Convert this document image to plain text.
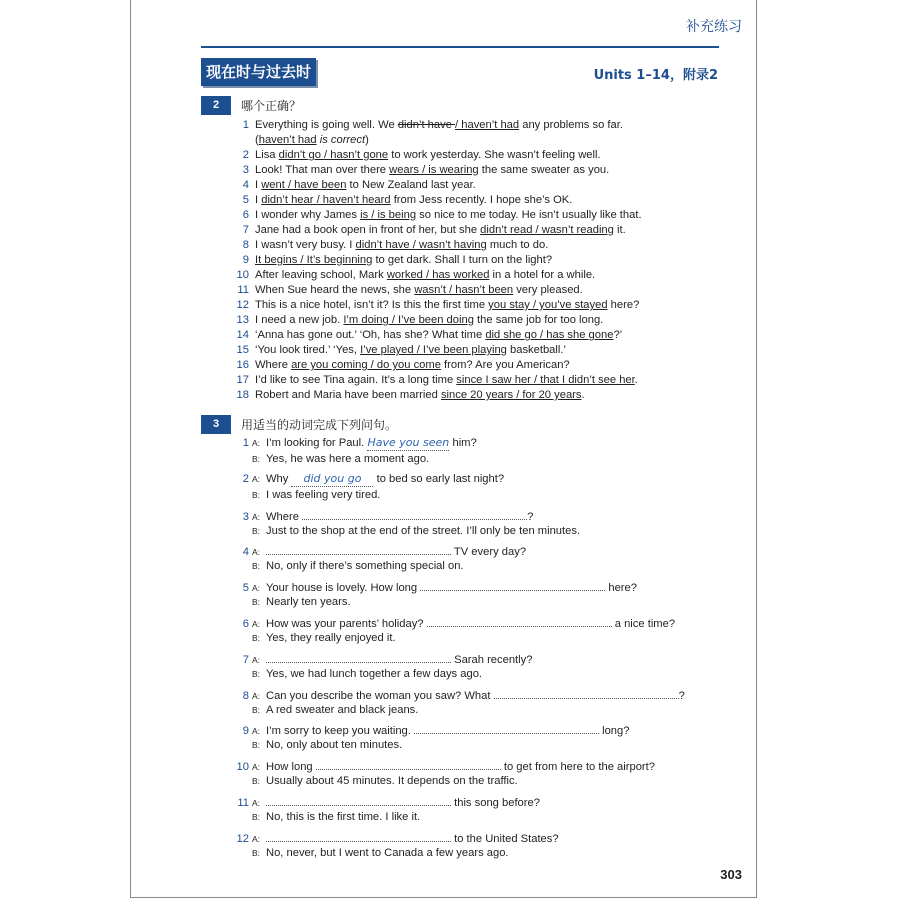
补充练习
现在时与过去时	Units 1–14，附录2
2	哪个正确？
1 Everything is going well. We didn’t have / haven’t had any problems so far.
(haven’t had is correct)
2 Lisa didn’t go / hasn’t gone to work yesterday. She wasn’t feeling well.
3 Look! That man over there wears / is wearing the same sweater as you.
4 I went / have been to New Zealand last year.
5 I didn’t hear / haven’t heard from Jess recently. I hope she’s OK.
6 I wonder why James is / is being so nice to me today. He isn’t usually like that.
7 Jane had a book open in front of her, but she didn’t read / wasn’t reading it.
8 I wasn’t very busy. I didn’t have / wasn’t having much to do.
9 It begins / It’s beginning to get dark. Shall I turn on the light?
10 After leaving school, Mark worked / has worked in a hotel for a while.
11 When Sue heard the news, she wasn’t / hasn’t been very pleased.
12 This is a nice hotel, isn’t it? Is this the first time you stay / you’ve stayed here?
13 I need a new job. I’m doing / I’ve been doing the same job for too long.
14 ‘Anna has gone out.’ ‘Oh, has she? What time did she go / has she gone?’
15 ‘You look tired.’ ‘Yes, I’ve played / I’ve been playing basketball.’
16 Where are you coming / do you come from? Are you American?
17 I’d like to see Tina again. It’s a long time since I saw her / that I didn’t see her.
18 Robert and Maria have been married since 20 years / for 20 years.
3	用适当的动词完成下列问句。
1 A: I’m looking for Paul. Have you seen him?
B: Yes, he was here a moment ago.
2 A: Why did you go to bed so early last night?
B: I was feeling very tired.
3 A: Where	?
B: Just to the shop at the end of the street. I’ll only be ten minutes.
4 A:	TV every day?
B: No, only if there’s something special on.
5 A: Your house is lovely. How long	here?
B: Nearly ten years.
6 A: How was your parents’ holiday?	a nice time?
B: Yes, they really enjoyed it.
7 A:	Sarah recently?
B: Yes, we had lunch together a few days ago.
8 A: Can you describe the woman you saw? What	?
B: A red sweater and black jeans.
9 A: I’m sorry to keep you waiting.	long?
B: No, only about ten minutes.
10 A: How long	to get from here to the airport?
B: Usually about 45 minutes. It depends on the traffic.
11 A:	this song before?
B: No, this is the first time. I like it.
12 A:	to the United States?
B: No, never, but I went to Canada a few years ago.
303
